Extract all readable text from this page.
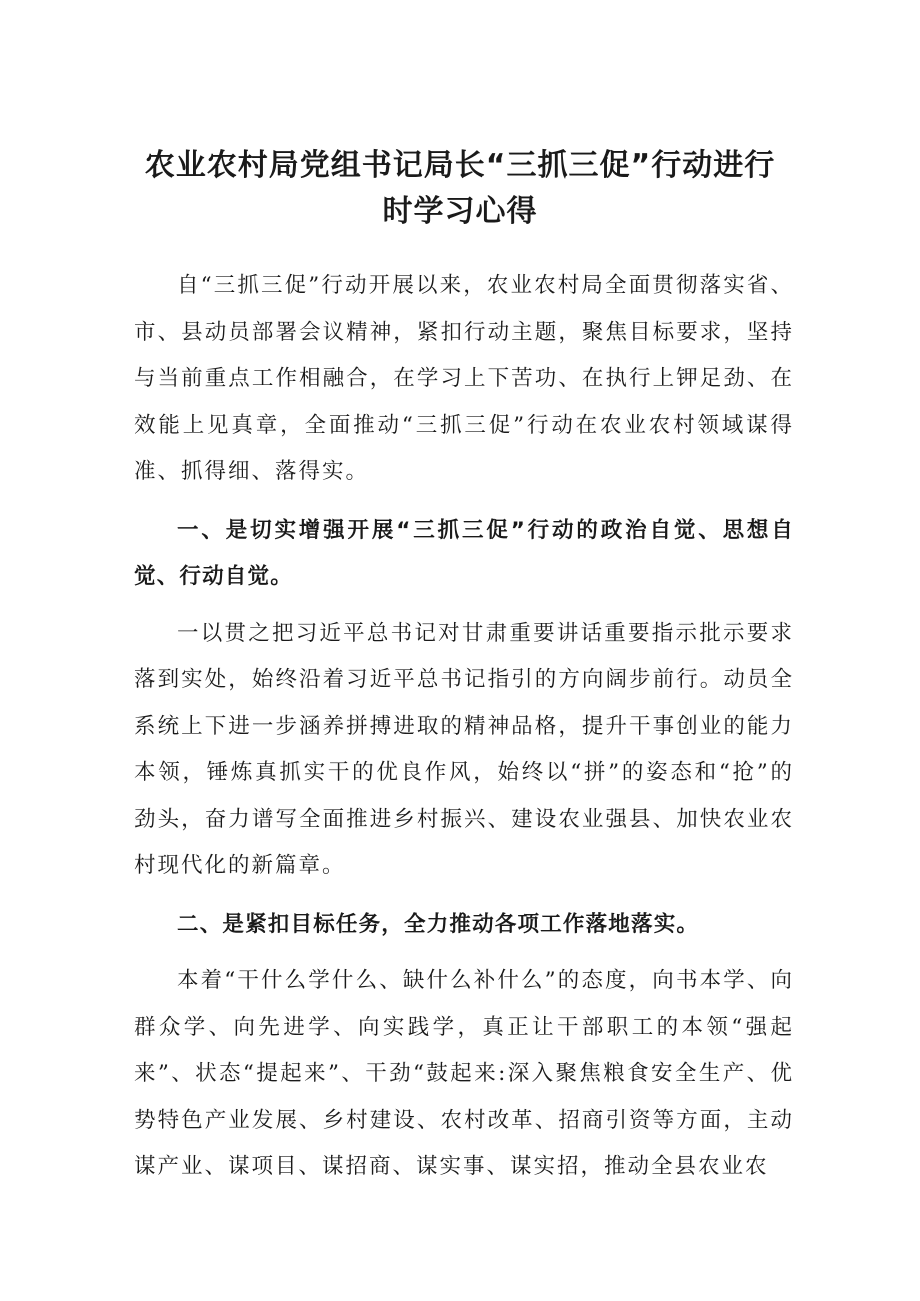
农业农村局党组书记局长“三抓三促”行动进行
时学习心得

自“三抓三促”行动开展以来，农业农村局全面贯彻落实省、市、县动员部署会议精神，紧扣行动主题，聚焦目标要求，坚持与当前重点工作相融合，在学习上下苦功、在执行上钾足劲、在效能上见真章，全面推动“三抓三促”行动在农业农村领域谋得准、抓得细、落得实。

一、是切实增强开展“三抓三促”行动的政治自觉、思想自觉、行动自觉。

一以贯之把习近平总书记对甘肃重要讲话重要指示批示要求落到实处，始终沿着习近平总书记指引的方向阔步前行。动员全系统上下进一步涵养拼搏进取的精神品格，提升干事创业的能力本领，锤炼真抓实干的优良作风，始终以“拼”的姿态和“抢”的劲头，奋力谱写全面推进乡村振兴、建设农业强县、加快农业农村现代化的新篇章。

二、是紧扣目标任务，全力推动各项工作落地落实。

本着“干什么学什么、缺什么补什么”的态度，向书本学、向群众学、向先进学、向实践学，真正让干部职工的本领“强起来”、状态“提起来”、干劲“鼓起来:深入聚焦粮食安全生产、优势特色产业发展、乡村建设、农村改革、招商引资等方面，主动谋产业、谋项目、谋招商、谋实事、谋实招，推动全县农业农
